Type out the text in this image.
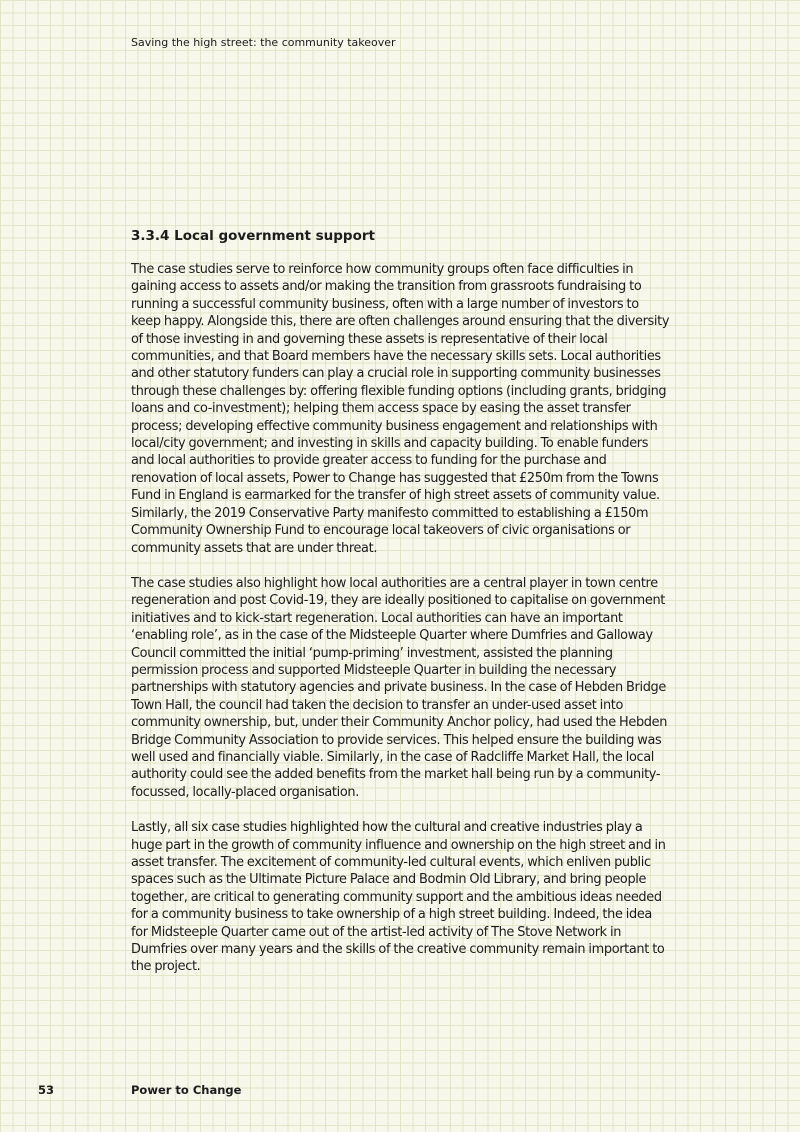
Saving the high street: the community takeover

3.3.4 Local government support

The case studies serve to reinforce how community groups often face difficulties in gaining access to assets and/or making the transition from grassroots fundraising to running a successful community business, often with a large number of investors to keep happy. Alongside this, there are often challenges around ensuring that the diversity of those investing in and governing these assets is representative of their local communities, and that Board members have the necessary skills sets. Local authorities and other statutory funders can play a crucial role in supporting community businesses through these challenges by: offering flexible funding options (including grants, bridging loans and co-investment); helping them access space by easing the asset transfer process; developing effective community business engagement and relationships with local/city government; and investing in skills and capacity building. To enable funders and local authorities to provide greater access to funding for the purchase and renovation of local assets, Power to Change has suggested that £250m from the Towns Fund in England is earmarked for the transfer of high street assets of community value. Similarly, the 2019 Conservative Party manifesto committed to establishing a £150m Community Ownership Fund to encourage local takeovers of civic organisations or community assets that are under threat.

The case studies also highlight how local authorities are a central player in town centre regeneration and post Covid-19, they are ideally positioned to capitalise on government initiatives and to kick-start regeneration. Local authorities can have an important ‘enabling role’, as in the case of the Midsteeple Quarter where Dumfries and Galloway Council committed the initial ‘pump-priming’ investment, assisted the planning permission process and supported Midsteeple Quarter in building the necessary partnerships with statutory agencies and private business. In the case of Hebden Bridge Town Hall, the council had taken the decision to transfer an under-used asset into community ownership, but, under their Community Anchor policy, had used the Hebden Bridge Community Association to provide services. This helped ensure the building was well used and financially viable. Similarly, in the case of Radcliffe Market Hall, the local authority could see the added benefits from the market hall being run by a community-focussed, locally-placed organisation.

Lastly, all six case studies highlighted how the cultural and creative industries play a huge part in the growth of community influence and ownership on the high street and in asset transfer. The excitement of community-led cultural events, which enliven public spaces such as the Ultimate Picture Palace and Bodmin Old Library, and bring people together, are critical to generating community support and the ambitious ideas needed for a community business to take ownership of a high street building. Indeed, the idea for Midsteeple Quarter came out of the artist-led activity of The Stove Network in Dumfries over many years and the skills of the creative community remain important to the project.

53	Power to Change
